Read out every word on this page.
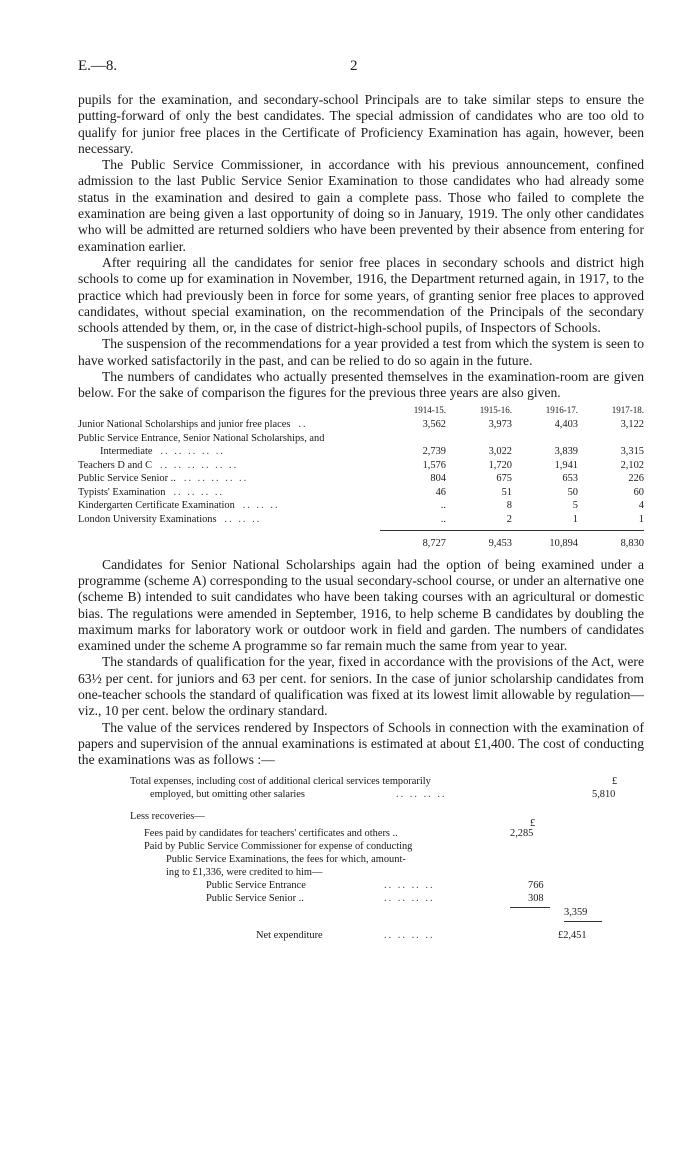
E.—8.	2

pupils for the examination, and secondary-school Principals are to take similar steps to ensure the putting-forward of only the best candidates. The special admission of candidates who are too old to qualify for junior free places in the Certificate of Proficiency Examination has again, however, been necessary.

The Public Service Commissioner, in accordance with his previous announcement, confined admission to the last Public Service Senior Examination to those candidates who had already some status in the examination and desired to gain a complete pass. Those who failed to complete the examination are being given a last opportunity of doing so in January, 1919. The only other candidates who will be admitted are returned soldiers who have been prevented by their absence from entering for examination earlier.

After requiring all the candidates for senior free places in secondary schools and district high schools to come up for examination in November, 1916, the Department returned again, in 1917, to the practice which had previously been in force for some years, of granting senior free places to approved candidates, without special examination, on the recommendation of the Principals of the secondary schools attended by them, or, in the case of district-high-school pupils, of Inspectors of Schools.

The suspension of the recommendations for a year provided a test from which the system is seen to have worked satisfactorily in the past, and can be relied to do so again in the future.

The numbers of candidates who actually presented themselves in the examination-room are given below. For the sake of comparison the figures for the previous three years are also given.

	1914-15.	1915-16.	1916-17.	1917-18.
Junior National Scholarships and junior free places ..	3,562	3,973	4,403	3,122
Public Service Entrance, Senior National Scholarships, and				
Intermediate .. .. .. .. ..	2,739	3,022	3,839	3,315
Teachers D and C .. .. .. .. .. ..	1,576	1,720	1,941	2,102
Public Service Senior .. .. .. .. .. ..	804	675	653	226
Typists' Examination .. .. .. ..	46	51	50	60
Kindergarten Certificate Examination .. .. ..	..	8	5	4
London University Examinations .. .. ..	..	2	1	1

	8,727	9,453	10,894	8,830

Candidates for Senior National Scholarships again had the option of being examined under a programme (scheme A) corresponding to the usual secondary-school course, or under an alternative one (scheme B) intended to suit candidates who have been taking courses with an agricultural or domestic bias. The regulations were amended in September, 1916, to help scheme B candidates by doubling the maximum marks for laboratory work or outdoor work in field and garden. The numbers of candidates examined under the scheme A programme so far remain much the same from year to year.

The standards of qualification for the year, fixed in accordance with the provisions of the Act, were 63½ per cent. for juniors and 63 per cent. for seniors. In the case of junior scholarship candidates from one-teacher schools the standard of qualification was fixed at its lowest limit allowable by regulation—viz., 10 per cent. below the ordinary standard.

The value of the services rendered by Inspectors of Schools in connection with the examination of papers and supervision of the annual examinations is estimated at about £1,400. The cost of conducting the examinations was as follows :—

Total expenses, including cost of additional clerical services temporarily	£
employed, but omitting other salaries	.. .. .. ..	5,810
Less recoveries—
£
Fees paid by candidates for teachers' certificates and others ..	2,285
Paid by Public Service Commissioner for expense of conducting
Public Service Examinations, the fees for which, amount-
ing to £1,336, were credited to him—
Public Service Entrance	.. .. .. ..	766
Public Service Senior ..	.. .. .. ..	308
3,359
Net expenditure	.. .. .. ..	£2,451
